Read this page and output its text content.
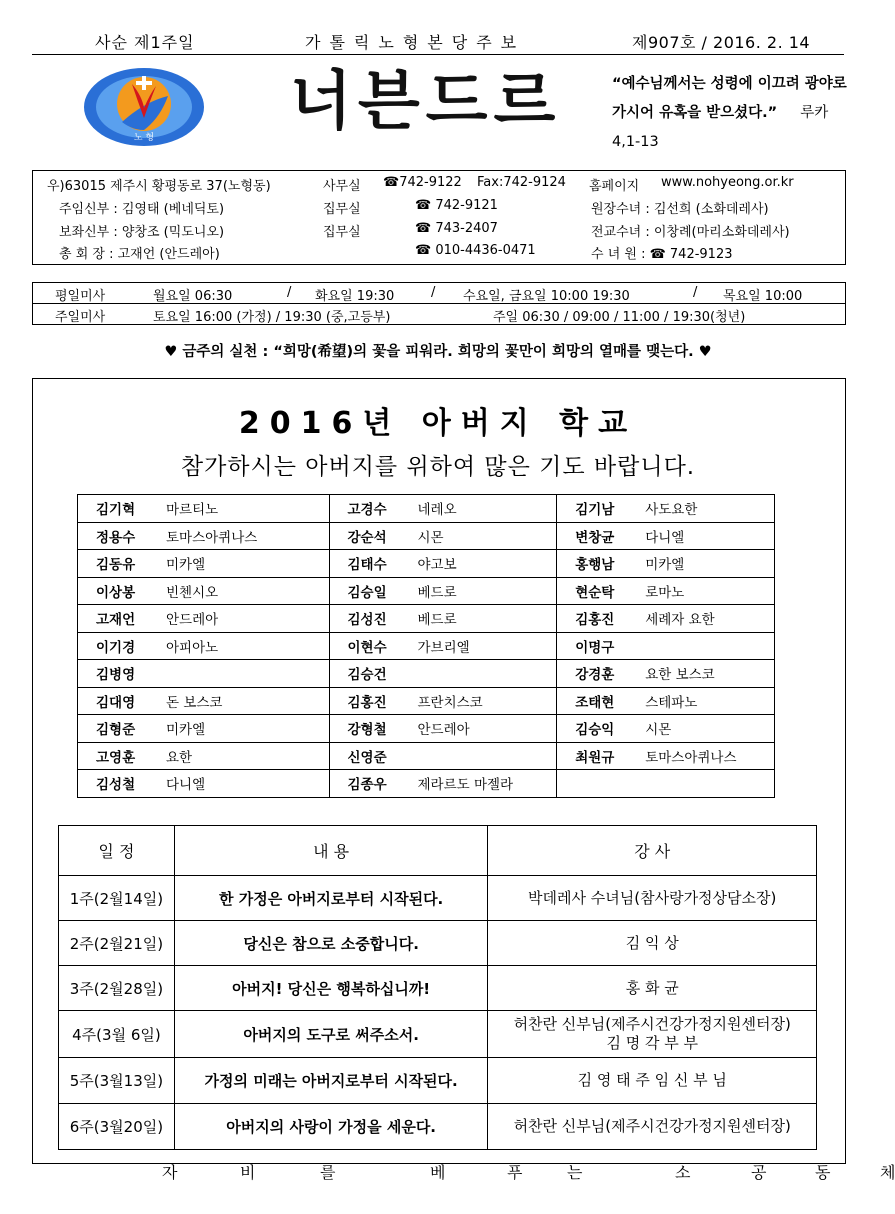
사순 제1주일	가톨릭노형본당주보	제907호 / 2016. 2. 14
노 형 너븐드르	“예수님께서는 성령에 이끄려 광야로 가시어 유혹을 받으셨다.” 루카 4,1-13
우)63015 제주시 황평동로 37(노형동)	사무실 ☎742-9122 Fax:742-9124 홈페이지 www.nohyeong.or.kr
주임신부 : 김영태 (베네딕토)	집무실	☎ 742-9121	원장수녀 : 김선희 (소화데레사)
보좌신부 : 양창조 (믹도니오)	집무실	☎ 743-2407	전교수녀 : 이창례(마리소화데레사)
총 회 장 : 고재언 (안드레아)	☎ 010-4436-0471	수 녀 원 : ☎ 742-9123
평일미사	월요일 06:30	/ 화요일 19:30	/ 수요일, 금요일 10:00 19:30	/ 목요일 10:00
주일미사	토요일 16:00 (가정) / 19:30 (중,고등부)	주일 06:30 / 09:00 / 11:00 / 19:30(청년)
♥ 금주의 실천 : “희망(希望)의 꽃을 피워라. 희망의 꽃만이 희망의 열매를 맺는다. ♥
2016년 아버지 학교
참가하시는 아버지를 위하여 많은 기도 바랍니다.
김기혁 마르티노	고경수 네레오	김기남 사도요한
정용수 토마스아퀴나스	강순석 시몬	변창균 다니엘
김동유 미카엘	김태수 야고보	홍행남 미카엘
이상봉 빈첸시오	김승일 베드로	현순탁 로마노
고재언 안드레아	김성진 베드로	김홍진 세례자 요한
이기경 아피아노	이현수 가브리엘	이명구
김병영	김승건	강경훈 요한 보스코
김대영 돈 보스코	김홍진 프란치스코	조태현 스테파노
김형준 미카엘	강형철 안드레아	김승익 시몬
고영훈 요한	신영준	최원규 토마스아퀴나스
김성철 다니엘	김종우 제라르도 마젤라	
일 정	내 용	강 사
1주(2월14일)	한 가정은 아버지로부터 시작된다.	박데레사 수녀님(참사랑가정상담소장)

2주(2월21일)	당신은 참으로 소중합니다.	김 익 상

3주(2월28일)	아버지! 당신은 행복하십니까!	홍 화 균

4주(3월 6일)	아버지의 도구로 써주소서.	허찬란 신부님(제주시건강가정지원센터장)
김 명 각 부 부

5주(3월13일)	가정의 미래는 아버지로부터 시작된다.	김 영 태 주 임 신 부 님

6주(3월20일)	아버지의 사랑이 가정을 세운다.	허찬란 신부님(제주시건강가정지원센터장)
자	비	를	베	푸	는	소	공	동	체
